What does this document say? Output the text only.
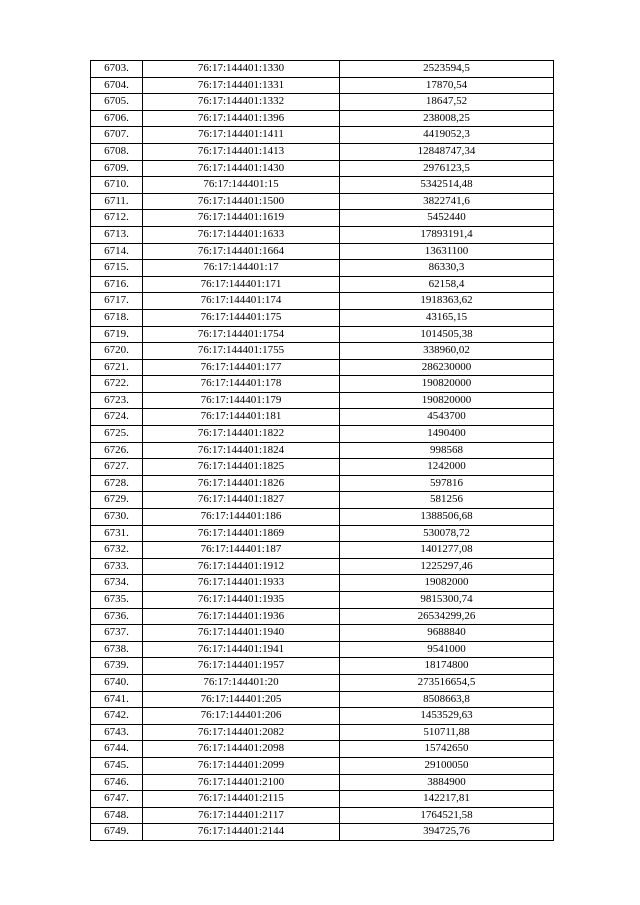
6703.	76:17:144401:1330	2523594,5
6704.	76:17:144401:1331	17870,54
6705.	76:17:144401:1332	18647,52
6706.	76:17:144401:1396	238008,25
6707.	76:17:144401:1411	4419052,3
6708.	76:17:144401:1413	12848747,34
6709.	76:17:144401:1430	2976123,5
6710.	76:17:144401:15	5342514,48
6711.	76:17:144401:1500	3822741,6
6712.	76:17:144401:1619	5452440
6713.	76:17:144401:1633	17893191,4
6714.	76:17:144401:1664	13631100
6715.	76:17:144401:17	86330,3
6716.	76:17:144401:171	62158,4
6717.	76:17:144401:174	1918363,62
6718.	76:17:144401:175	43165,15
6719.	76:17:144401:1754	1014505,38
6720.	76:17:144401:1755	338960,02
6721.	76:17:144401:177	286230000
6722.	76:17:144401:178	190820000
6723.	76:17:144401:179	190820000
6724.	76:17:144401:181	4543700
6725.	76:17:144401:1822	1490400
6726.	76:17:144401:1824	998568
6727.	76:17:144401:1825	1242000
6728.	76:17:144401:1826	597816
6729.	76:17:144401:1827	581256
6730.	76:17:144401:186	1388506,68
6731.	76:17:144401:1869	530078,72
6732.	76:17:144401:187	1401277,08
6733.	76:17:144401:1912	1225297,46
6734.	76:17:144401:1933	19082000
6735.	76:17:144401:1935	9815300,74
6736.	76:17:144401:1936	26534299,26
6737.	76:17:144401:1940	9688840
6738.	76:17:144401:1941	9541000
6739.	76:17:144401:1957	18174800
6740.	76:17:144401:20	273516654,5
6741.	76:17:144401:205	8508663,8
6742.	76:17:144401:206	1453529,63
6743.	76:17:144401:2082	510711,88
6744.	76:17:144401:2098	15742650
6745.	76:17:144401:2099	29100050
6746.	76:17:144401:2100	3884900
6747.	76:17:144401:2115	142217,81
6748.	76:17:144401:2117	1764521,58
6749.	76:17:144401:2144	394725,76
